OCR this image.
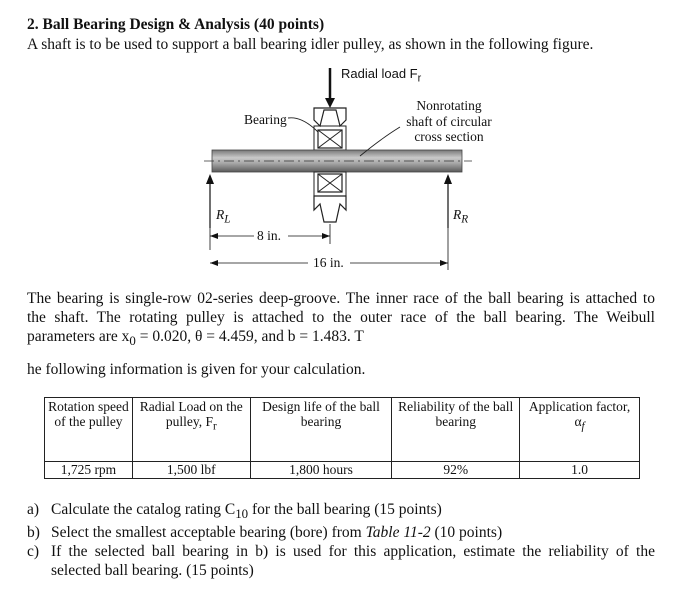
2. Ball Bearing Design & Analysis (40 points)
A shaft is to be used to support a ball bearing idler pulley, as shown in the following figure.
Radial load $F_r$
Bearing
Nonrotating
shaft of circular
cross section
$R_L$	$R_R$
8 in.
16 in.
The bearing is single-row 02-series deep-groove. The inner race of the ball bearing is attached to
the shaft. The rotating pulley is attached to the outer race of the ball bearing. The Weibull
parameters are $x_0 = 0.020$, θ = 4.459, and b = 1.483. T
he following information is given for your calculation.
Rotation speed of the pulley	Radial Load on the pulley, $F_r$	Design life of the ball bearing	Reliability of the ball bearing	Application factor, $\alpha_f$
1,725 rpm	1,500 lbf	1,800 hours	92%	1.0
a) Calculate the catalog rating $C_{10}$ for the ball bearing (15 points)
b) Select the smallest acceptable bearing (bore) from Table 11-2 (10 points)
c) If the selected ball bearing in b) is used for this application, estimate the reliability of the
selected ball bearing. (15 points)
